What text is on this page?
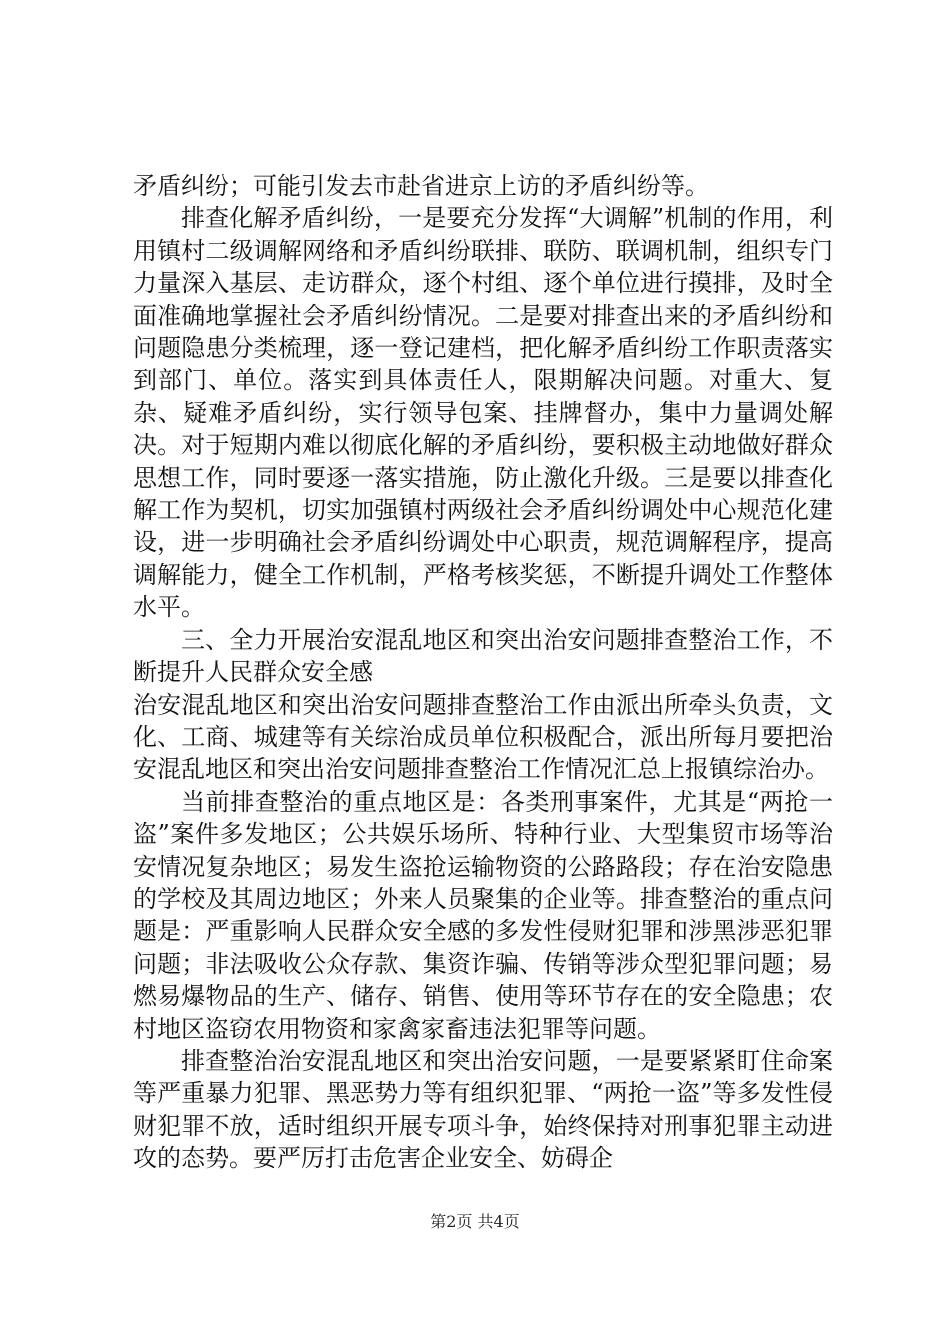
矛盾纠纷；可能引发去市赴省进京上访的矛盾纠纷等。

排查化解矛盾纠纷，一是要充分发挥“大调解”机制的作用，利用镇村二级调解网络和矛盾纠纷联排、联防、联调机制，组织专门力量深入基层、走访群众，逐个村组、逐个单位进行摸排，及时全面准确地掌握社会矛盾纠纷情况。二是要对排查出来的矛盾纠纷和问题隐患分类梳理，逐一登记建档，把化解矛盾纠纷工作职责落实到部门、单位。落实到具体责任人，限期解决问题。对重大、复杂、疑难矛盾纠纷，实行领导包案、挂牌督办，集中力量调处解决。对于短期内难以彻底化解的矛盾纠纷，要积极主动地做好群众思想工作，同时要逐一落实措施，防止激化升级。三是要以排查化解工作为契机，切实加强镇村两级社会矛盾纠纷调处中心规范化建设，进一步明确社会矛盾纠纷调处中心职责，规范调解程序，提高调解能力，健全工作机制，严格考核奖惩，不断提升调处工作整体水平。

三、全力开展治安混乱地区和突出治安问题排查整治工作，不断提升人民群众安全感

治安混乱地区和突出治安问题排查整治工作由派出所牵头负责，文化、工商、城建等有关综治成员单位积极配合，派出所每月要把治安混乱地区和突出治安问题排查整治工作情况汇总上报镇综治办。

当前排查整治的重点地区是：各类刑事案件，尤其是“两抢一盗”案件多发地区；公共娱乐场所、特种行业、大型集贸市场等治安情况复杂地区；易发生盗抢运输物资的公路路段；存在治安隐患的学校及其周边地区；外来人员聚集的企业等。排查整治的重点问题是：严重影响人民群众安全感的多发性侵财犯罪和涉黑涉恶犯罪问题；非法吸收公众存款、集资诈骗、传销等涉众型犯罪问题；易燃易爆物品的生产、储存、销售、使用等环节存在的安全隐患；农村地区盗窃农用物资和家禽家畜违法犯罪等问题。

排查整治治安混乱地区和突出治安问题，一是要紧紧盯住命案等严重暴力犯罪、黑恶势力等有组织犯罪、“两抢一盗”等多发性侵财犯罪不放，适时组织开展专项斗争，始终保持对刑事犯罪主动进攻的态势。要严厉打击危害企业安全、妨碍企

第2页 共4页
